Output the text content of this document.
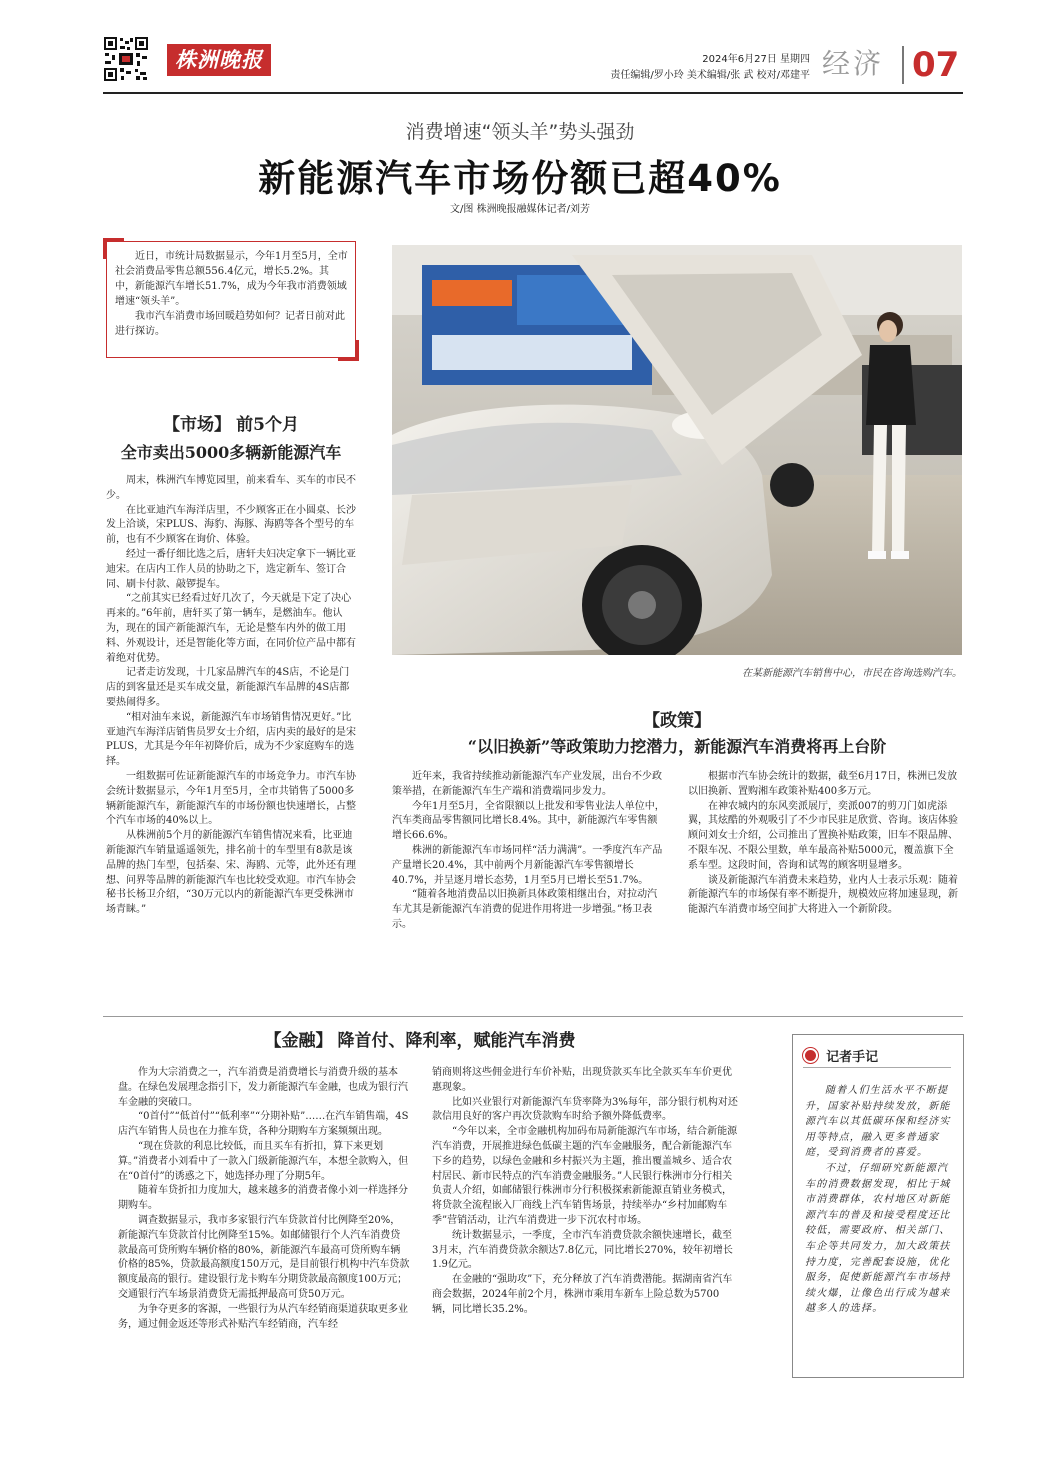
株洲晚报	2024年6月27日 星期四
责任编辑/罗小玲 美术编辑/张 武 校对/邓建平 经济 07
消费增速“领头羊”势头强劲
新能源汽车市场份额已超40%
文/图 株洲晚报融媒体记者/刘芳

近日，市统计局数据显示，今年1月至5月，全市社会消费品零售总额556.4亿元，增长5.2%。其中，新能源汽车增长51.7%，成为今年我市消费领域增速“领头羊”。

我市汽车消费市场回暖趋势如何？记者日前对此进行探访。

在某新能源汽车销售中心，市民在咨询选购汽车。
【市场】 前5个月
全市卖出5000多辆新能源汽车

周末，株洲汽车博览园里，前来看车、买车的市民不少。

在比亚迪汽车海洋店里，不少顾客正在小圆桌、长沙发上洽谈，宋PLUS、海豹、海豚、海鸥等各个型号的车前，也有不少顾客在询价、体验。

经过一番仔细比选之后，唐轩夫妇决定拿下一辆比亚迪宋。在店内工作人员的协助之下，选定新车、签订合同、刷卡付款、敲锣提车。

“之前其实已经看过好几次了，今天就是下定了决心再来的。”6年前，唐轩买了第一辆车，是燃油车。他认为，现在的国产新能源汽车，无论是整车内外的做工用料、外观设计，还是智能化等方面，在同价位产品中都有着绝对优势。

记者走访发现，十几家品牌汽车的4S店，不论是门店的到客量还是买车成交量，新能源汽车品牌的4S店都要热闹得多。

“相对油车来说，新能源汽车市场销售情况更好。”比亚迪汽车海洋店销售员罗女士介绍，店内卖的最好的是宋PLUS，尤其是今年年初降价后，成为不少家庭购车的选择。

一组数据可佐证新能源汽车的市场竞争力。市汽车协会统计数据显示，今年1月至5月，全市共销售了5000多辆新能源汽车，新能源汽车的市场份额也快速增长，占整个汽车市场的40%以上。

从株洲前5个月的新能源汽车销售情况来看，比亚迪新能源汽车销量遥遥领先，排名前十的车型里有8款是该品牌的热门车型，包括秦、宋、海鸥、元等，此外还有理想、问界等品牌的新能源汽车也比较受欢迎。市汽车协会秘书长杨卫介绍，“30万元以内的新能源汽车更受株洲市场青睐。”

【政策】
“以旧换新”等政策助力挖潜力，新能源汽车消费将再上台阶

近年来，我省持续推动新能源汽车产业发展，出台不少政策举措，在新能源汽车生产端和消费端同步发力。

今年1月至5月，全省限额以上批发和零售业法人单位中，汽车类商品零售额同比增长8.4%。其中，新能源汽车零售额增长66.6%。

株洲的新能源汽车市场同样“活力满满”。一季度汽车产品产量增长20.4%，其中前两个月新能源汽车零售额增长40.7%，并呈逐月增长态势，1月至5月已增长至51.7%。

“随着各地消费品以旧换新具体政策相继出台，对拉动汽车尤其是新能源汽车消费的促进作用将进一步增强。”杨卫表示。

根据市汽车协会统计的数据，截至6月17日，株洲已发放以旧换新、置购湘车政策补贴400多万元。

在神农城内的东风奕派展厅，奕派007的剪刀门如虎添翼，其炫酷的外观吸引了不少市民驻足欣赏、咨询。该店体验顾问刘女士介绍，公司推出了置换补贴政策，旧车不限品牌、不限车况、不限公里数，单车最高补贴5000元，覆盖旗下全系车型。这段时间，咨询和试驾的顾客明显增多。

谈及新能源汽车消费未来趋势，业内人士表示乐观：随着新能源汽车的市场保有率不断提升，规模效应将加速显现，新能源汽车消费市场空间扩大将进入一个新阶段。

【金融】 降首付、降利率，赋能汽车消费

作为大宗消费之一，汽车消费是消费增长与消费升级的基本盘。在绿色发展理念指引下，发力新能源汽车金融，也成为银行汽车金融的突破口。

“0首付”“低首付”“低利率”“分期补贴”……在汽车销售端，4S店汽车销售人员也在力推车贷，各种分期购车方案频频出现。

“现在贷款的利息比较低，而且买车有折扣，算下来更划算。”消费者小刘看中了一款入门级新能源汽车，本想全款购入，但在“0首付”的诱惑之下，她选择办理了分期5年。

随着车贷折扣力度加大，越来越多的消费者像小刘一样选择分期购车。

调查数据显示，我市多家银行汽车贷款首付比例降至20%，新能源汽车贷款首付比例降至15%。如邮储银行个人汽车消费贷款最高可贷所购车辆价格的80%，新能源汽车最高可贷所购车辆价格的85%，贷款最高额度150万元，是目前银行机构中汽车贷款额度最高的银行。建设银行龙卡购车分期贷款最高额度100万元；交通银行汽车场景消费贷无需抵押最高可贷50万元。

为争夺更多的客源，一些银行为从汽车经销商渠道获取更多业务，通过佣金返还等形式补贴汽车经销商，汽车经

销商则将这些佣金进行车价补贴，出现贷款买车比全款买车车价更优惠现象。

比如兴业银行对新能源汽车贷率降为3%每年，部分银行机构对还款信用良好的客户再次贷款购车时给予额外降低费率。

“今年以来，全市金融机构加码布局新能源汽车市场，结合新能源汽车消费，开展推进绿色低碳主题的汽车金融服务，配合新能源汽车下乡的趋势，以绿色金融和乡村振兴为主题，推出覆盖城乡、适合农村居民、新市民特点的汽车消费金融服务。”人民银行株洲市分行相关负责人介绍，如邮储银行株洲市分行积极探索新能源直销业务模式，将贷款全流程嵌入厂商线上汽车销售场景，持续举办“乡村加邮购车季”营销活动，让汽车消费进一步下沉农村市场。

统计数据显示，一季度，全市汽车消费贷款余额快速增长，截至3月末，汽车消费贷款余额达7.8亿元，同比增长270%，较年初增长1.9亿元。

在金融的“强助攻”下，充分释放了汽车消费潜能。据湖南省汽车商会数据，2024年前2个月，株洲市乘用车新车上险总数为5700辆，同比增长35.2%。

记者手记

随着人们生活水平不断提升，国家补贴持续发放，新能源汽车以其低碳环保和经济实用等特点，融入更多普通家庭，受到消费者的喜爱。

不过，仔细研究新能源汽车的消费数据发现，相比于城市消费群体，农村地区对新能源汽车的普及和接受程度还比较低，需要政府、相关部门、车企等共同发力，加大政策扶持力度，完善配套设施，优化服务，促使新能源汽车市场持续火爆，让像色出行成为越来越多人的选择。
